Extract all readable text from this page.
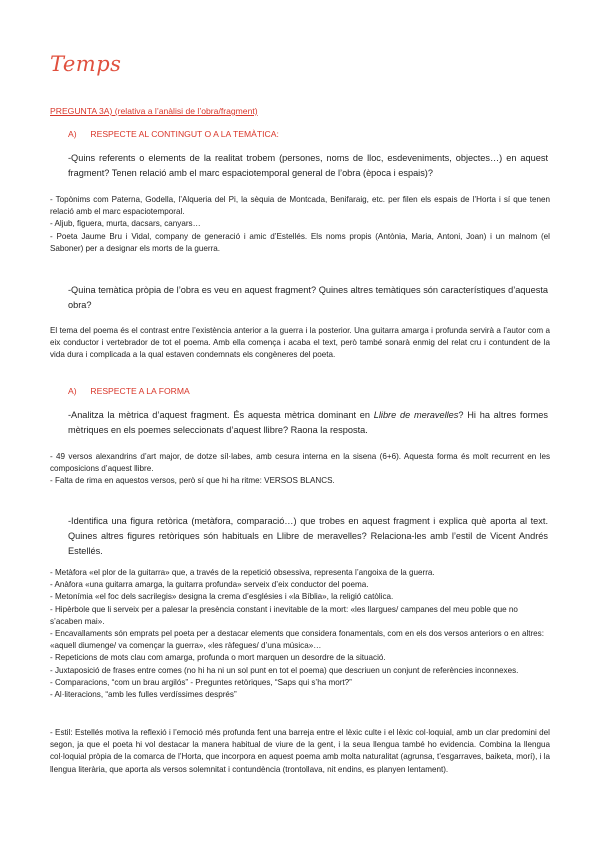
Temps
PREGUNTA 3A) (relativa a l’anàlisi de l’obra/fragment)
A) RESPECTE AL CONTINGUT O A LA TEMÀTICA:
-Quins referents o elements de la realitat trobem (persones, noms de lloc, esdeveniments, objectes…) en aquest fragment? Tenen relació amb el marc espaciotemporal general de l’obra (època i espais)?

- Topònims com Paterna, Godella, l’Alqueria del Pi, la sèquia de Montcada, Benifaraig, etc. per filen els espais de l’Horta i sí que tenen relació amb el marc espaciotemporal.

- Aljub, figuera, murta, dacsars, canyars…

- Poeta Jaume Bru i Vidal, company de generació i amic d’Estellés. Els noms propis (Antònia, Maria, Antoni, Joan) i un malnom (el Saboner) per a designar els morts de la guerra.

-Quina temàtica pròpia de l’obra es veu en aquest fragment? Quines altres temàtiques són característiques d’aquesta obra?
El tema del poema és el contrast entre l’existència anterior a la guerra i la posterior. Una guitarra amarga i profunda servirà a l’autor com a eix conductor i vertebrador de tot el poema. Amb ella comença i acaba el text, però també sonarà enmig del relat cru i contundent de la vida dura i complicada a la qual estaven condemnats els congèneres del poeta.
A) RESPECTE A LA FORMA
-Analitza la mètrica d’aquest fragment. És aquesta mètrica dominant en Llibre de meravelles? Hi ha altres formes mètriques en els poemes seleccionats d’aquest llibre? Raona la resposta.

- 49 versos alexandrins d’art major, de dotze síl·labes, amb cesura interna en la sisena (6+6). Aquesta forma és molt recurrent en les composicions d’aquest llibre.

- Falta de rima en aquestos versos, però sí que hi ha ritme: VERSOS BLANCS.

-Identifica una figura retòrica (metàfora, comparació…) que trobes en aquest fragment i explica què aporta al text. Quines altres figures retòriques són habituals en Llibre de meravelles? Relaciona-les amb l’estil de Vicent Andrés Estellés.

- Metàfora «el plor de la guitarra» que, a través de la repetició obsessiva, representa l’angoixa de la guerra.

- Anàfora «una guitarra amarga, la guitarra profunda» serveix d’eix conductor del poema.

- Metonímia «el foc dels sacrilegis» designa la crema d’esglésies i «la Bíblia», la religió catòlica.

- Hipèrbole que li serveix per a palesar la presència constant i inevitable de la mort: «les llargues/ campanes del meu poble que no s’acaben mai».

- Encavallaments són emprats pel poeta per a destacar elements que considera fonamentals, com en els dos versos anteriors o en altres: «aquell diumenge/ va començar la guerra», «les ràfegues/ d’una música»…

- Repeticions de mots clau com amarga, profunda o mort marquen un desordre de la situació.

- Juxtaposició de frases entre comes (no hi ha ni un sol punt en tot el poema) que descriuen un conjunt de referències inconnexes.

- Comparacions, “com un brau argilós” - Preguntes retòriques, “Saps qui s’ha mort?”

- Al·literacions, “amb les fulles verdíssimes després”

- Estil: Estellés motiva la reflexió i l’emoció més profunda fent una barreja entre el lèxic culte i el lèxic col·loquial, amb un clar predomini del segon, ja que el poeta hi vol destacar la manera habitual de viure de la gent, i la seua llengua també ho evidencia. Combina la llengua col·loquial pròpia de la comarca de l’Horta, que incorpora en aquest poema amb molta naturalitat (agrunsa, t’esgarraves, baiketa, morí), i la llengua literària, que aporta als versos solemnitat i contundència (trontollava, nit endins, es planyen lentament).
